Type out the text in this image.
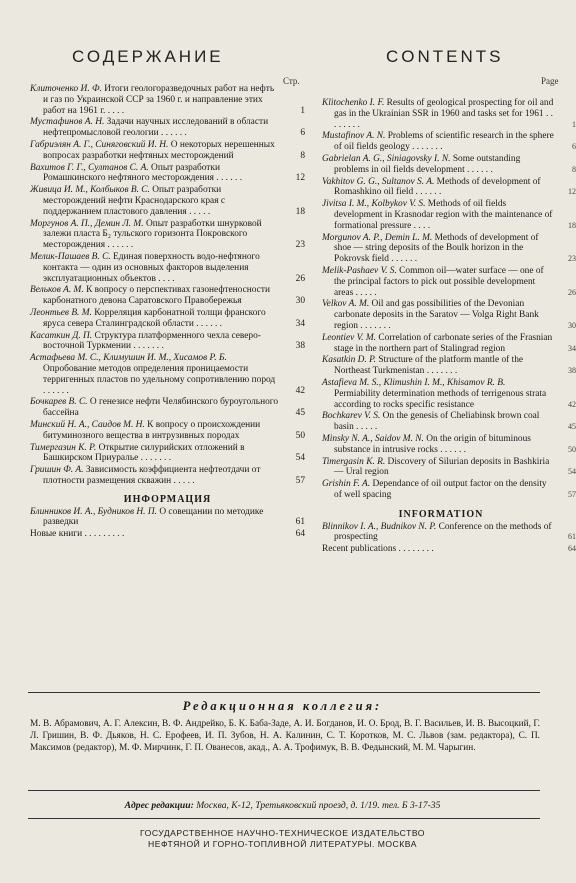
СОДЕРЖАНИЕ	CONTENTS
Стр.	Page
Клиточенко И. Ф. Итоги геологоразведочных работ на нефть и газ по Украинской ССР за 1960 г. и направление этих работ на 1961 г. . . . .	1
Мустафинов А. Н. Задачи научных исследований в области нефтепромысловой геологии . . . . . .	6
Габриэлян А. Г., Синяговский И. Н. О некоторых нерешенных вопросах разработки нефтяных месторождений	8
Вахитов Г. Г., Султанов С. А. Опыт разработки Ромашкинского нефтяного месторождения . . . . . .	12
Живица И. М., Колбыков В. С. Опыт разработки месторождений нефти Краснодарского края с поддержанием пластового давления . . . . .	18
Моргунов А. П., Демин Л. М. Опыт разработки шнурковой залежи пласта Б₂ тульского горизонта Покровского месторождения . . . . . .	23
Мелик-Пашаев В. С. Единая поверхность водо-нефтяного контакта — один из основных факторов выделения эксплуатационных объектов . . . .	26
Вельков А. М. К вопросу о перспективах газонефтеносности карбонатного девона Саратовского Правобережья	30
Леонтьев В. М. Корреляция карбонатной толщи франского яруса севера Сталинградской области . . . . . .	34
Касаткин Д. П. Структура платформенного чехла северо-восточной Туркмении . . . . . . .	38
Астафьева М. С., Климушин И. М., Хисамов Р. Б. Опробование методов определения проницаемости терригенных пластов по удельному сопротивлению пород . . . . . .	42
Бочкарев В. С. О генезисе нефти Челябинского буроугольного бассейна	45
Минский Н. А., Саидов М. Н. К вопросу о происхождении битуминозного вещества в интрузивных породах	50
Тимергазин К. Р. Открытие силурийских отложений в Башкирском Приуралье . . . . . . .	54
Гришин Ф. А. Зависимость коэффициента нефтеотдачи от плотности размещения скважин . . . . .	57
ИНФОРМАЦИЯ
Блинников И. А., Будников Н. П. О совещании по методике разведки	61
Новые книги . . . . . . . . .	64
Klitochenko I. F. Results of geological prospecting for oil and gas in the Ukrainian SSR in 1960 and tasks set for 1961 . . . . . . . .	1
Mustafinov A. N. Problems of scientific research in the sphere of oil fields geology . . . . . . .	6
Gabrielan A. G., Siniagovsky I. N. Some outstanding problems in oil fields development . . . . . .	8
Vakhitov G. G., Sultanov S. A. Methods of development of Romashkino oil field . . . . . .	12
Jivitsa I. M., Kolbykov V. S. Methods of oil fields development in Krasnodar region with the maintenance of formational pressure . . . .	18
Morgunov A. P., Demin L. M. Methods of development of shoe — string deposits of the Boulk horizon in the Pokrovsk field . . . . . .	23
Melik-Pashaev V. S. Common oil—water surface — one of the principal factors to pick out possible development areas . . . . .	26
Velkov A. M. Oil and gas possibilities of the Devonian carbonate deposits in the Saratov — Volga Right Bank region . . . . . . .	30
Leontiev V. M. Correlation of carbonate series of the Frasnian stage in the northern part of Stalingrad region	34
Kasatkin D. P. Structure of the platform mantle of the Northeast Turkmenistan . . . . . . .	38
Astafieva M. S., Klimushin I. M., Khisamov R. B. Permiability determination methods of terrigenous strata according to rocks specific resistance	42
Bochkarev V. S. On the genesis of Cheliabinsk brown coal basin . . . . .	45
Minsky N. A., Saidov M. N. On the origin of bituminous substance in intrusive rocks . . . . . .	50
Timergasin K. R. Discovery of Silurian deposits in Bashkiria — Ural region	54
Grishin F. A. Dependance of oil output factor on the density of well spacing	57
INFORMATION
Blinnikov I. A., Budnikov N. P. Conference on the methods of prospecting	61
Recent publications . . . . . . . .	64
Редакционная коллегия:
М. В. Абрамович, А. Г. Алексин, В. Ф. Андрейко, Б. К. Баба-Заде, А. И. Богданов, И. О. Брод, В. Г. Васильев, И. В. Высоцкий, Г. Л. Гришин, В. Ф. Дьяков, Н. С. Ерофеев, И. П. Зубов, Н. А. Калинин, С. Т. Коротков, М. С. Львов (зам. редактора), С. П. Максимов (редактор), М. Ф. Мирчинк, Г. П. Ованесов, акад., А. А. Трофимук, В. В. Федынский, М. М. Чарыгин.
Адрес редакции: Москва, К-12, Третьяковский проезд, д. 1/19. тел. Б 3-17-35
ГОСУДАРСТВЕННОЕ НАУЧНО-ТЕХНИЧЕСКОЕ ИЗДАТЕЛЬСТВО
НЕФТЯНОЙ И ГОРНО-ТОПЛИВНОЙ ЛИТЕРАТУРЫ. МОСКВА
